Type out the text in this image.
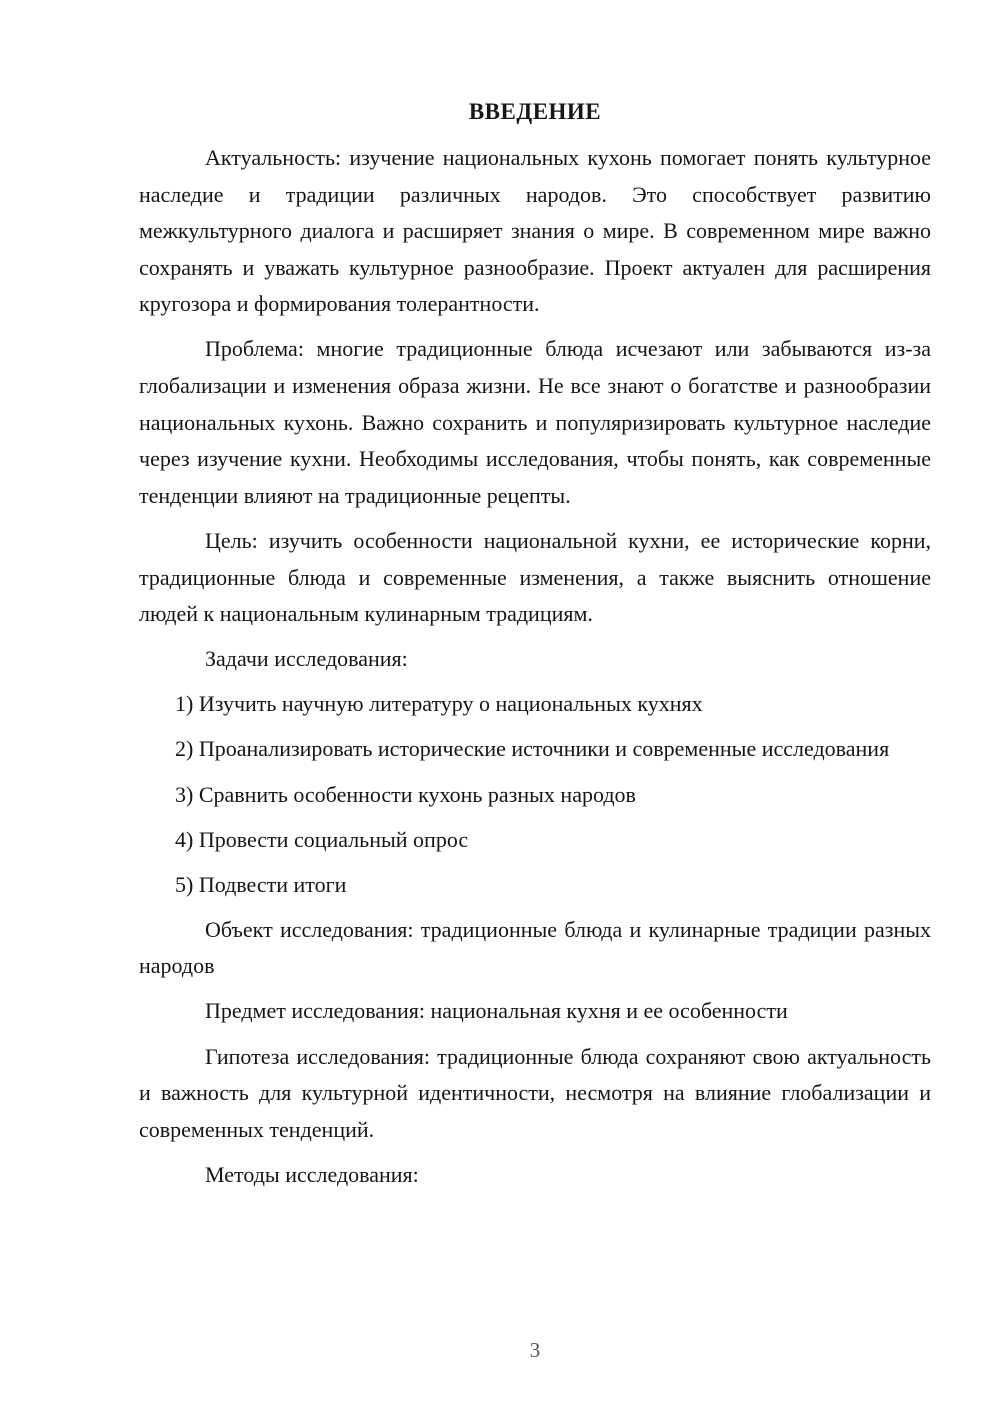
ВВЕДЕНИЕ

Актуальность: изучение национальных кухонь помогает понять культурное наследие и традиции различных народов. Это способствует развитию межкультурного диалога и расширяет знания о мире. В современном мире важно сохранять и уважать культурное разнообразие. Проект актуален для расширения кругозора и формирования толерантности.

Проблема: многие традиционные блюда исчезают или забываются из-за глобализации и изменения образа жизни. Не все знают о богатстве и разнообразии национальных кухонь. Важно сохранить и популяризировать культурное наследие через изучение кухни. Необходимы исследования, чтобы понять, как современные тенденции влияют на традиционные рецепты.

Цель: изучить особенности национальной кухни, ее исторические корни, традиционные блюда и современные изменения, а также выяснить отношение людей к национальным кулинарным традициям.

Задачи исследования:

1) Изучить научную литературу о национальных кухнях

2) Проанализировать исторические источники и современные исследования

3) Сравнить особенности кухонь разных народов

4) Провести социальный опрос

5) Подвести итоги

Объект исследования: традиционные блюда и кулинарные традиции разных народов

Предмет исследования: национальная кухня и ее особенности

Гипотеза исследования: традиционные блюда сохраняют свою актуальность и важность для культурной идентичности, несмотря на влияние глобализации и современных тенденций.

Методы исследования:

3
